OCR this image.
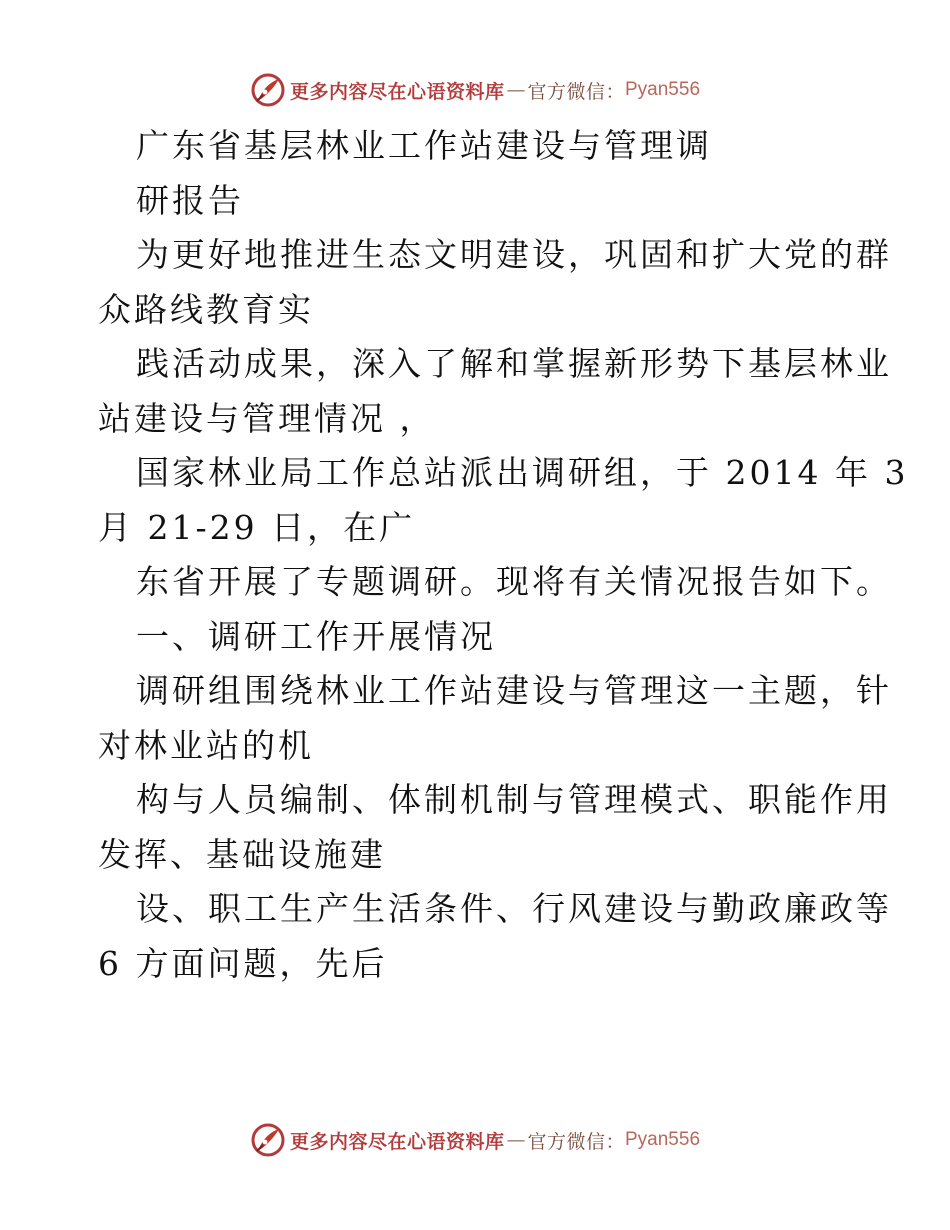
更多内容尽在心语资料库 — 官方微信： Pyan556
广东省基层林业工作站建设与管理调
研报告
为更好地推进生态文明建设，巩固和扩大党的群
众路线教育实
践活动成果，深入了解和掌握新形势下基层林业
站建设与管理情况 ，
国家林业局工作总站派出调研组，于 2014 年 3
月 21-29 日，在广
东省开展了专题调研。现将有关情况报告如下。
一、调研工作开展情况
调研组围绕林业工作站建设与管理这一主题，针
对林业站的机
构与人员编制、体制机制与管理模式、职能作用
发挥、基础设施建
设、职工生产生活条件、行风建设与勤政廉政等
6 方面问题，先后
更多内容尽在心语资料库 — 官方微信： Pyan556
